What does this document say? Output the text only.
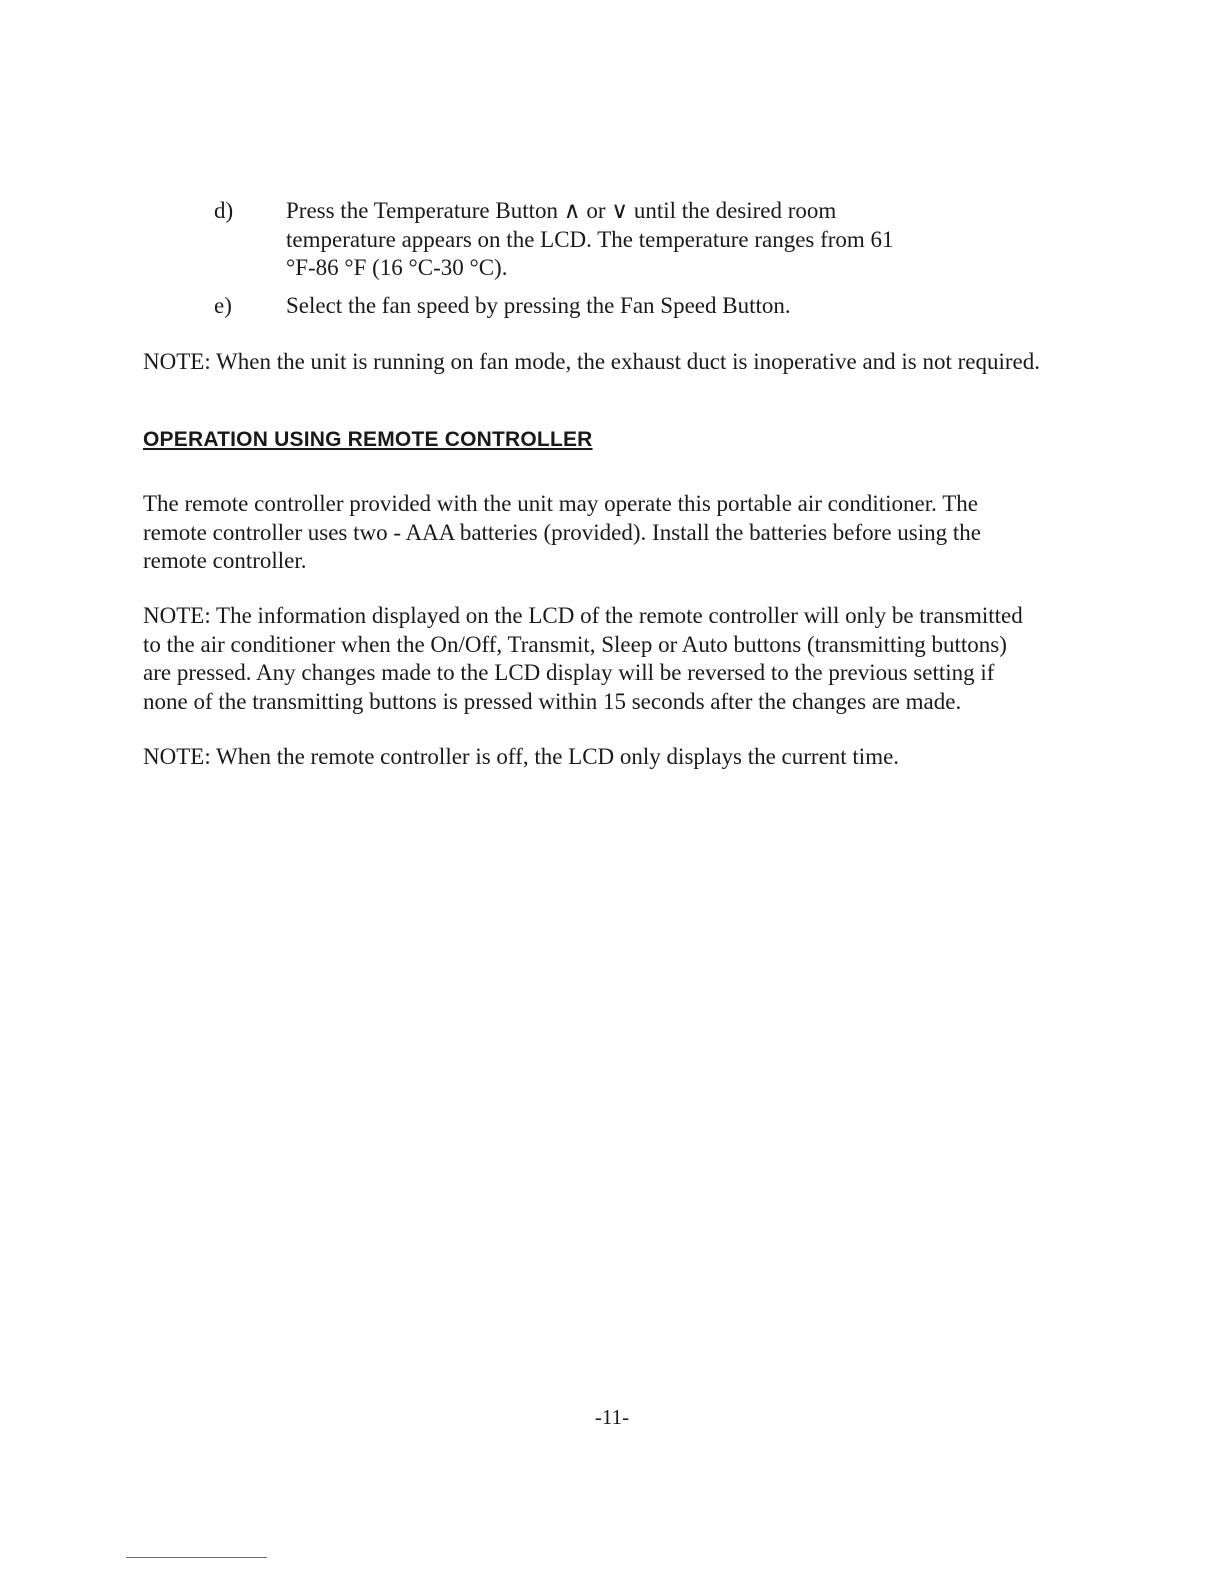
d) Press the Temperature Button ∧ or ∨ until the desired room
temperature appears on the LCD. The temperature ranges from 61
°F-86 °F (16 °C-30 °C).
e) Select the fan speed by pressing the Fan Speed Button.
NOTE: When the unit is running on fan mode, the exhaust duct is inoperative and is not required.
OPERATION USING REMOTE CONTROLLER
The remote controller provided with the unit may operate this portable air conditioner. The
remote controller uses two - AAA batteries (provided). Install the batteries before using the
remote controller.
NOTE: The information displayed on the LCD of the remote controller will only be transmitted
to the air conditioner when the On/Off, Transmit, Sleep or Auto buttons (transmitting buttons)
are pressed. Any changes made to the LCD display will be reversed to the previous setting if
none of the transmitting buttons is pressed within 15 seconds after the changes are made.
NOTE: When the remote controller is off, the LCD only displays the current time.
-11-
